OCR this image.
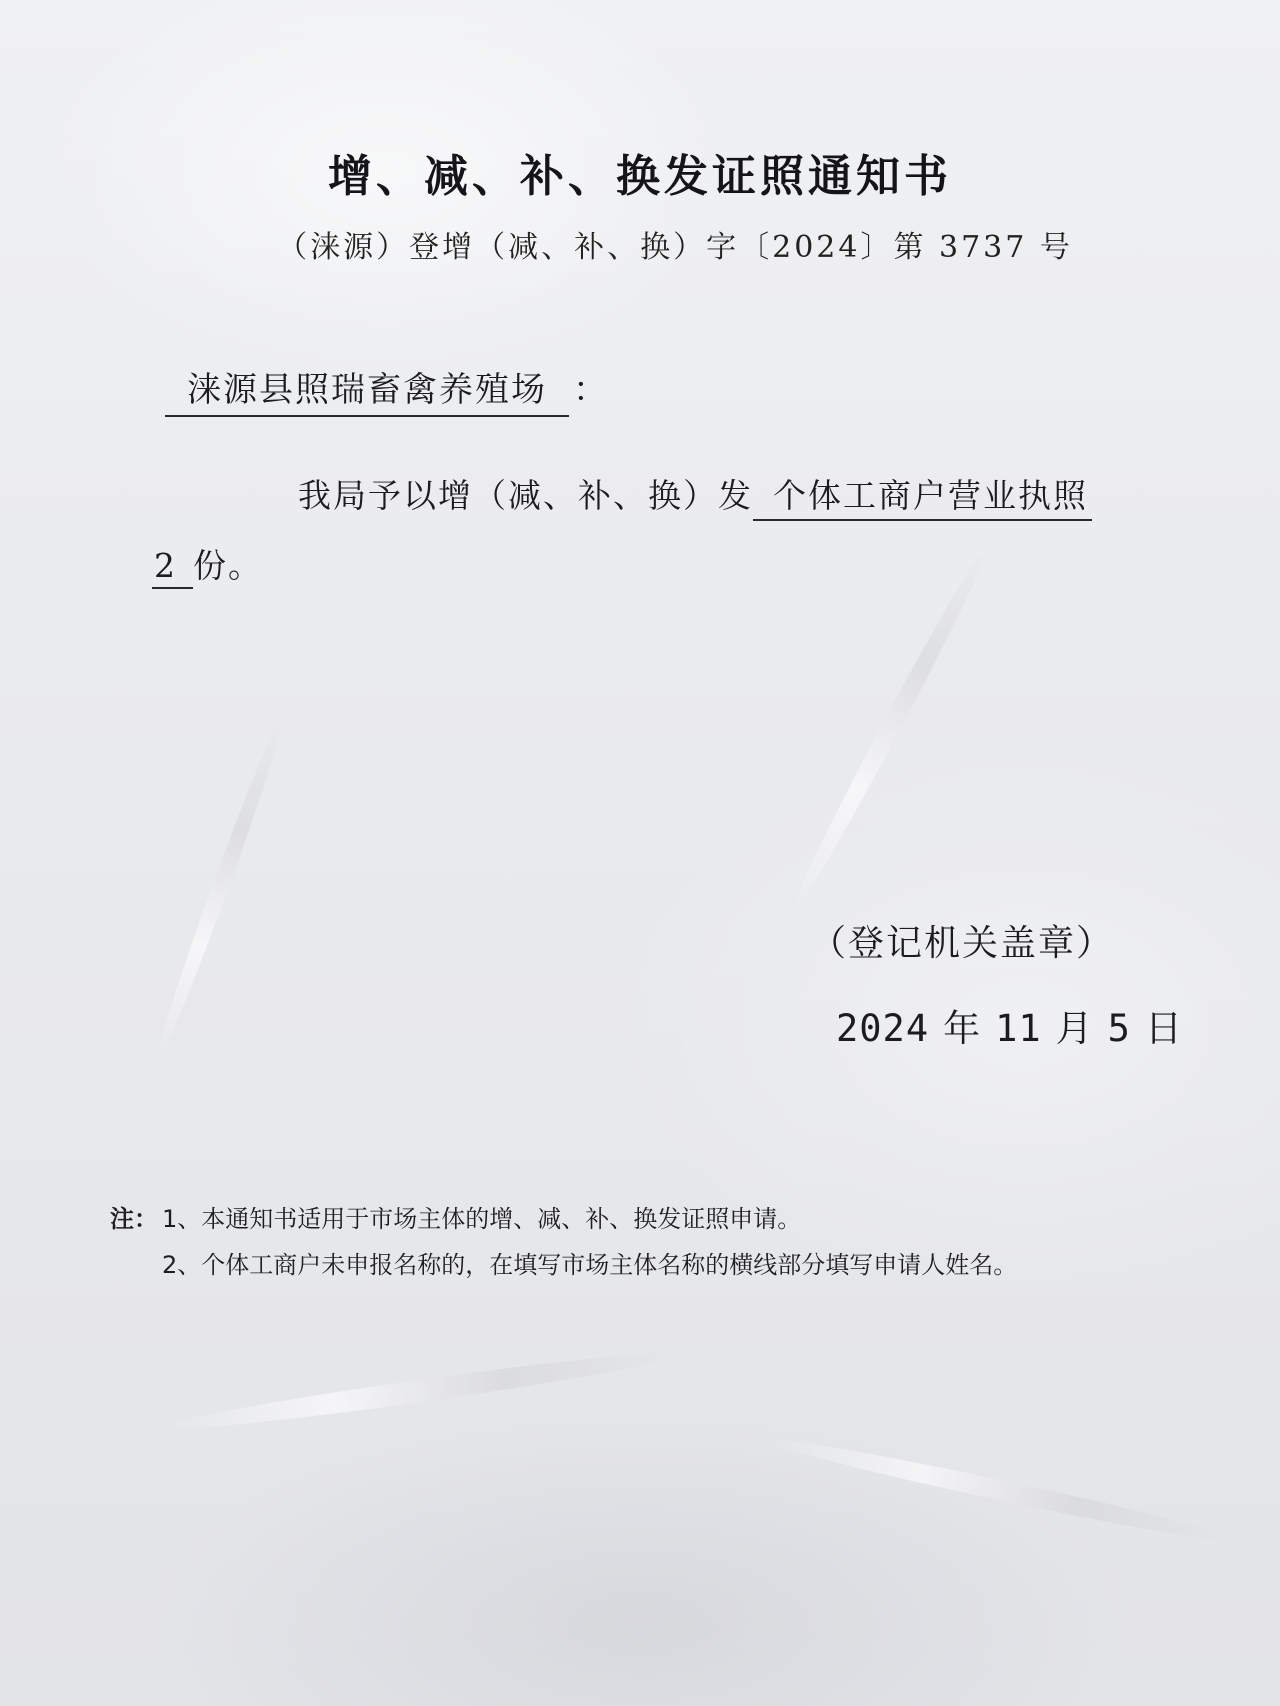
增、减、补、换发证照通知书
（涞源）登增（减、补、换）字〔2024〕第 3737 号
涞源县照瑞畜禽养殖场 ：
我局予以增（减、补、换）发 个体工商户营业执照
2 份。
（登记机关盖章）
2024 年 11 月 5 日
注： 1、本通知书适用于市场主体的增、减、补、换发证照申请。
2、个体工商户未申报名称的，在填写市场主体名称的横线部分填写申请人姓名。
